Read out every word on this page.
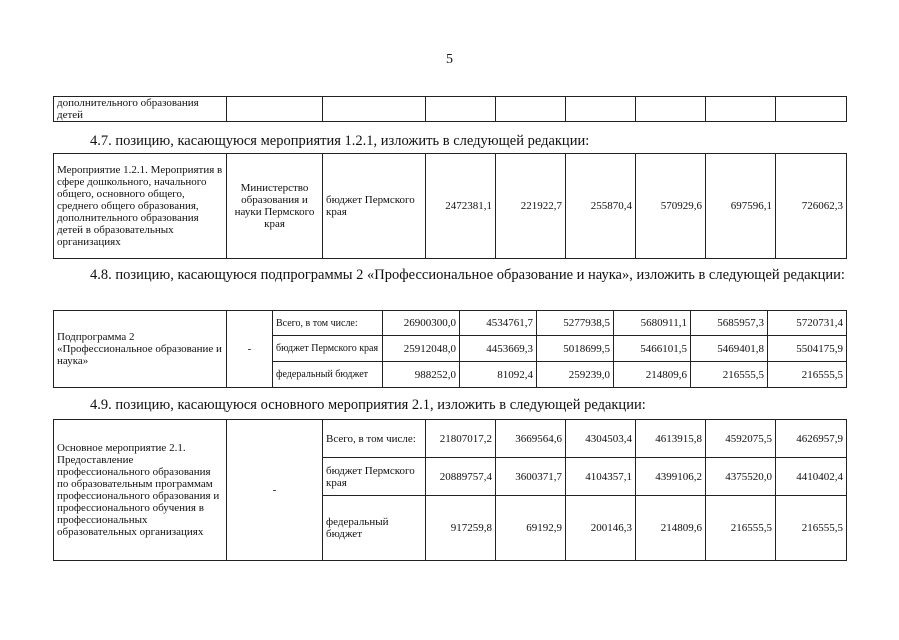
5
дополнительного образования детей								
4.7. позицию, касающуюся мероприятия 1.2.1, изложить в следующей редакции:
Мероприятие 1.2.1. Мероприятия в сфере дошкольного, начального общего, основного общего, среднего общего образования, дополнительного образования детей в образовательных организациях	Министерство образования и науки Пермского края	бюджет Пермского края	2472381,1	221922,7	255870,4	570929,6	697596,1	726062,3
4.8. позицию, касающуюся подпрограммы 2 «Профессиональное образование и наука», изложить в следующей редакции:
Подпрограмма 2 «Профессиональное образование и наука»	-	Всего, в том числе:	26900300,0	4534761,7	5277938,5	5680911,1	5685957,3	5720731,4
		бюджет Пермского края	25912048,0	4453669,3	5018699,5	5466101,5	5469401,8	5504175,9
		федеральный бюджет	988252,0	81092,4	259239,0	214809,6	216555,5	216555,5
4.9. позицию, касающуюся основного мероприятия 2.1, изложить в следующей редакции:
Основное мероприятие 2.1. Предоставление профессионального образования по образовательным программам профессионального образования и профессионального обучения в профессиональных образовательных организациях	-	Всего, в том числе:	21807017,2	3669564,6	4304503,4	4613915,8	4592075,5	4626957,9
		бюджет Пермского края	20889757,4	3600371,7	4104357,1	4399106,2	4375520,0	4410402,4
		федеральный бюджет	917259,8	69192,9	200146,3	214809,6	216555,5	216555,5
